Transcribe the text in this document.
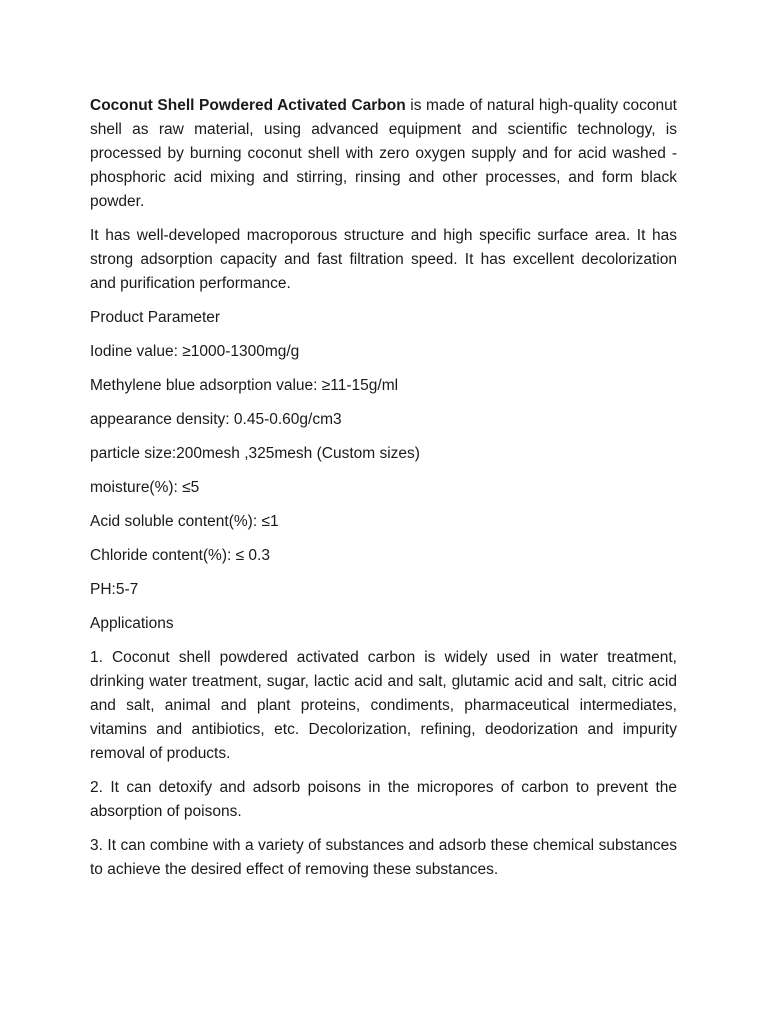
Coconut Shell Powdered Activated Carbon is made of natural high-quality coconut shell as raw material, using advanced equipment and scientific technology, is processed by burning coconut shell with zero oxygen supply and for acid washed - phosphoric acid mixing and stirring, rinsing and other processes, and form black powder.

It has well-developed macroporous structure and high specific surface area. It has strong adsorption capacity and fast filtration speed. It has excellent decolorization and purification performance.

Product Parameter

Iodine value: ≥1000-1300mg/g

Methylene blue adsorption value: ≥11-15g/ml

appearance density: 0.45-0.60g/cm3

particle size:200mesh ,325mesh (Custom sizes)

moisture(%): ≤5

Acid soluble content(%): ≤1

Chloride content(%): ≤ 0.3

PH:5-7

Applications

1. Coconut shell powdered activated carbon is widely used in water treatment, drinking water treatment, sugar, lactic acid and salt, glutamic acid and salt, citric acid and salt, animal and plant proteins, condiments, pharmaceutical intermediates, vitamins and antibiotics, etc. Decolorization, refining, deodorization and impurity removal of products.

2. It can detoxify and adsorb poisons in the micropores of carbon to prevent the absorption of poisons.

3. It can combine with a variety of substances and adsorb these chemical substances to achieve the desired effect of removing these substances.
